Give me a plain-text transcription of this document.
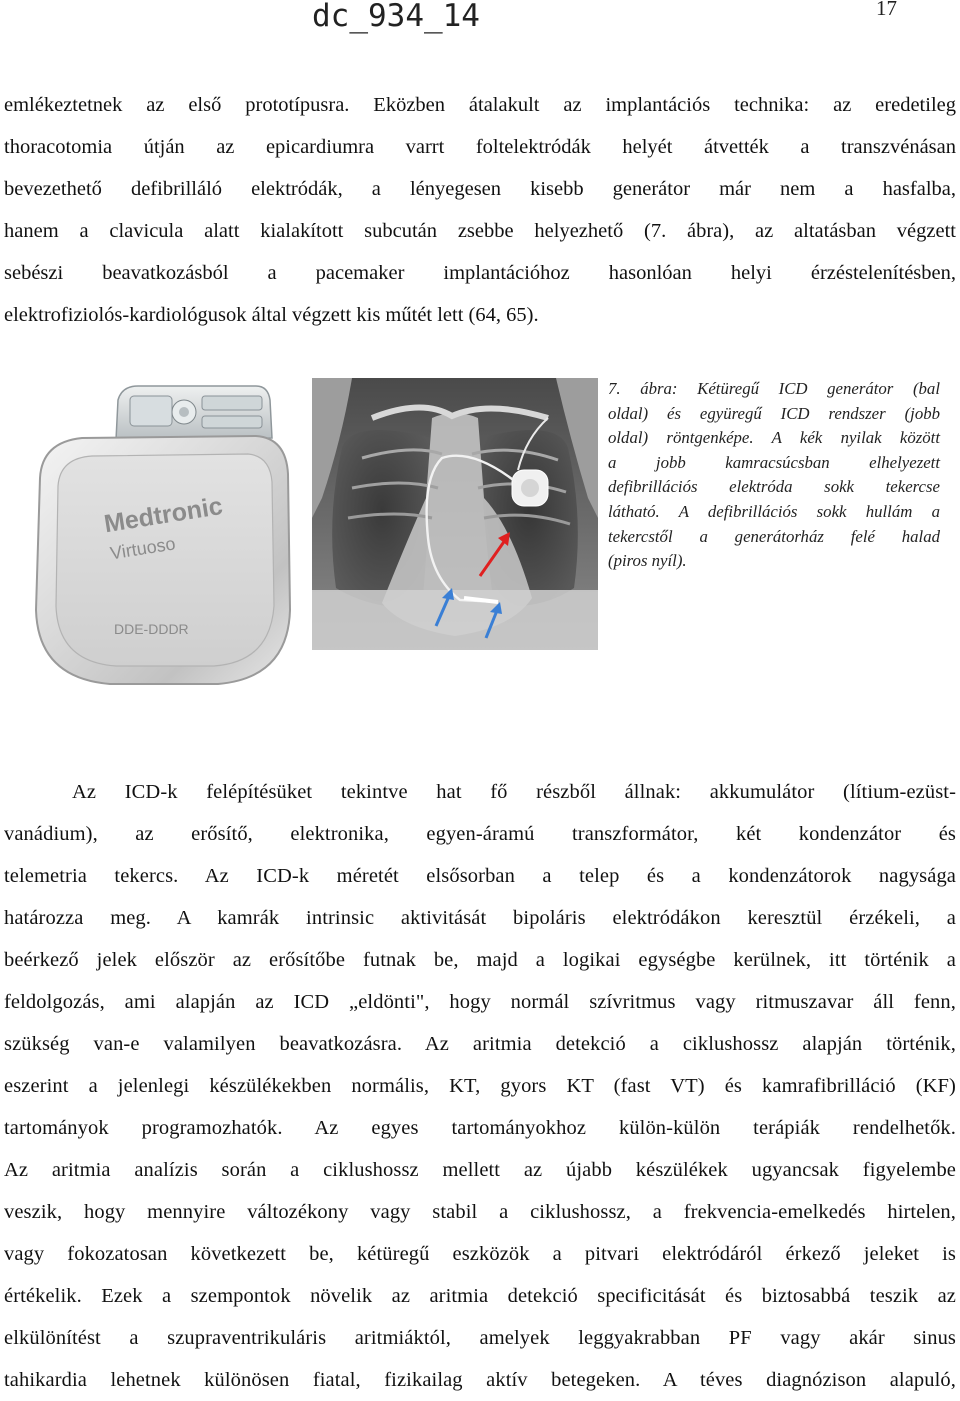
dc_934_14	17
emlékeztetnek az első prototípusra. Eközben átalakult az implantációs technika: az eredetileg
thoracotomia útján az epicardiumra varrt foltelektródák helyét átvették a transzvénásan
bevezethető defibrilláló elektródák, a lényegesen kisebb generátor már nem a hasfalba,
hanem a clavicula alatt kialakított subcután zsebbe helyezhető (7. ábra), az altatásban végzett
sebészi beavatkozásból a pacemaker implantációhoz hasonlóan helyi érzéstelenítésben,
elektrofiziolós-kardiológusok által végzett kis műtét lett (64, 65).
Medtronic
Virtuoso
DDE-DDDR
7. ábra: Kétüregű ICD generátor (bal
oldal) és együregű ICD rendszer (jobb
oldal) röntgenképe. A kék nyilak között
a jobb kamracsúcsban elhelyezett
defibrillációs elektróda sokk tekercse
látható. A defibrillációs sokk hullám a
tekercstől a generátorház felé halad
(piros nyíl).
Az ICD-k felépítésüket tekintve hat fő részből állnak: akkumulátor (lítium-ezüst-
vanádium), az erősítő, elektronika, egyen-áramú transzformátor, két kondenzátor és
telemetria tekercs. Az ICD-k méretét elsősorban a telep és a kondenzátorok nagysága
határozza meg. A kamrák intrinsic aktivitását bipoláris elektródákon keresztül érzékeli, a
beérkező jelek először az erősítőbe futnak be, majd a logikai egységbe kerülnek, itt történik a
feldolgozás, ami alapján az ICD „eldönti", hogy normál szívritmus vagy ritmuszavar áll fenn,
szükség van-e valamilyen beavatkozásra. Az aritmia detekció a ciklushossz alapján történik,
eszerint a jelenlegi készülékekben normális, KT, gyors KT (fast VT) és kamrafibrilláció (KF)
tartományok programozhatók. Az egyes tartományokhoz külön-külön terápiák rendelhetők.
Az aritmia analízis során a ciklushossz mellett az újabb készülékek ugyancsak figyelembe
veszik, hogy mennyire változékony vagy stabil a ciklushossz, a frekvencia-emelkedés hirtelen,
vagy fokozatosan következett be, kétüregű eszközök a pitvari elektródáról érkező jeleket is
értékelik. Ezek a szempontok növelik az aritmia detekció specificitását és biztosabbá teszik az
elkülönítést a szupraventrikuláris aritmiáktól, amelyek leggyakrabban PF vagy akár sinus
tahikardia lehetnek különösen fiatal, fizikailag aktív betegeken. A téves diagnózison alapuló,
